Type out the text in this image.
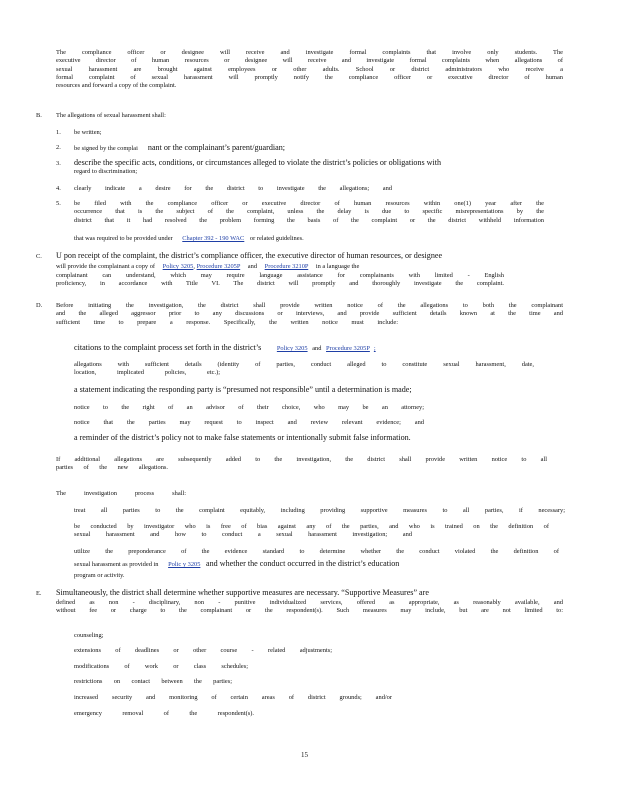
The compliance officer or designee will receive and investigate formal complaints that involve only students. The
executive director of human resources or designee will receive and investigate formal complaints when allegations of
sexual harassment are brought against employees or other adults. School or district administrators who receive a
formal complaint of sexual harassment will promptly notify the compliance officer or executive director of human
resources and forward a copy of the complaint.
B. The allegations of sexual harassment shall:
1. be written;
2. be signed by the complai nant or the complainant’s parent/guardian;
3. describe the specific acts, conditions, or circumstances alleged to violate the district’s policies or obligations with
regard to discrimination;
4. clearly indicate a desire for the district to investigate the allegations; and
5. be filed with the compliance officer or executive director of human resources within one(1) year after the
occurrence that is the subject of the complaint, unless the delay is due to specific misrepresentations by the
district that it had resolved the problem forming the basis of the complaint or the district withheld information
that was required to be provided under Chapter 392 - 190 WAC or related guidelines.
C. U pon receipt of the complaint, the district’s compliance officer, the executive director of human resources, or designee
will provide the complainant a copy of Policy 3205, Procedure 3205P and Procedure 3210P in a language the
complainant can understand, which may require language assistance for complainants with limited - English
proficiency, in accordance with Title VI. The district will promptly and thoroughly investigate the complaint.
D. Before initiating the investigation, the district shall provide written notice of the allegations to both the complainant
and the alleged aggressor prior to any discussions or interviews, and provide sufficient details known at the time and
sufficient time to prepare a response. Specifically, the written notice must include:
citations to the complaint process set forth in the district’s Policy 3205 and Procedure 3205P ;
allegations with sufficient details (identity of parties, conduct alleged to constitute sexual harassment, date,
location, implicated policies, etc.);
a statement indicating the responding party is “presumed not responsible” until a determination is made;
notice to the right of an advisor of their choice, who may be an attorney;
notice that the parties may request to inspect and review relevant evidence; and
a reminder of the district’s policy not to make false statements or intentionally submit false information.
If additional allegations are subsequently added to the investigation, the district shall provide written notice to all
parties of the new allegations.
The investigation process shall:
treat all parties to the complaint equitably, including providing supportive measures to all parties, if necessary;
be conducted by investigator who is free of bias against any of the parties, and who is trained on the definition of
sexual harassment and how to conduct a sexual harassment investigation; and
utilize the preponderance of the evidence standard to determine whether the conduct violated the definition of
sexual harassment as provided in Polic y 3205 and whether the conduct occurred in the district’s education
program or activity.
E. Simultaneously, the district shall determine whether supportive measures are necessary. “Supportive Measures” are
defined as non - disciplinary, non - punitive individualized services, offered as appropriate, as reasonably available, and
without fee or charge to the complainant or the respondent(s). Such measures may include, but are not limited to:
counseling;
extensions of deadlines or other course - related adjustments;
modifications of work or class schedules;
restrictions on contact between the parties;
increased security and monitoring of certain areas of district grounds; and/or
emergency removal of the respondent(s).
15
